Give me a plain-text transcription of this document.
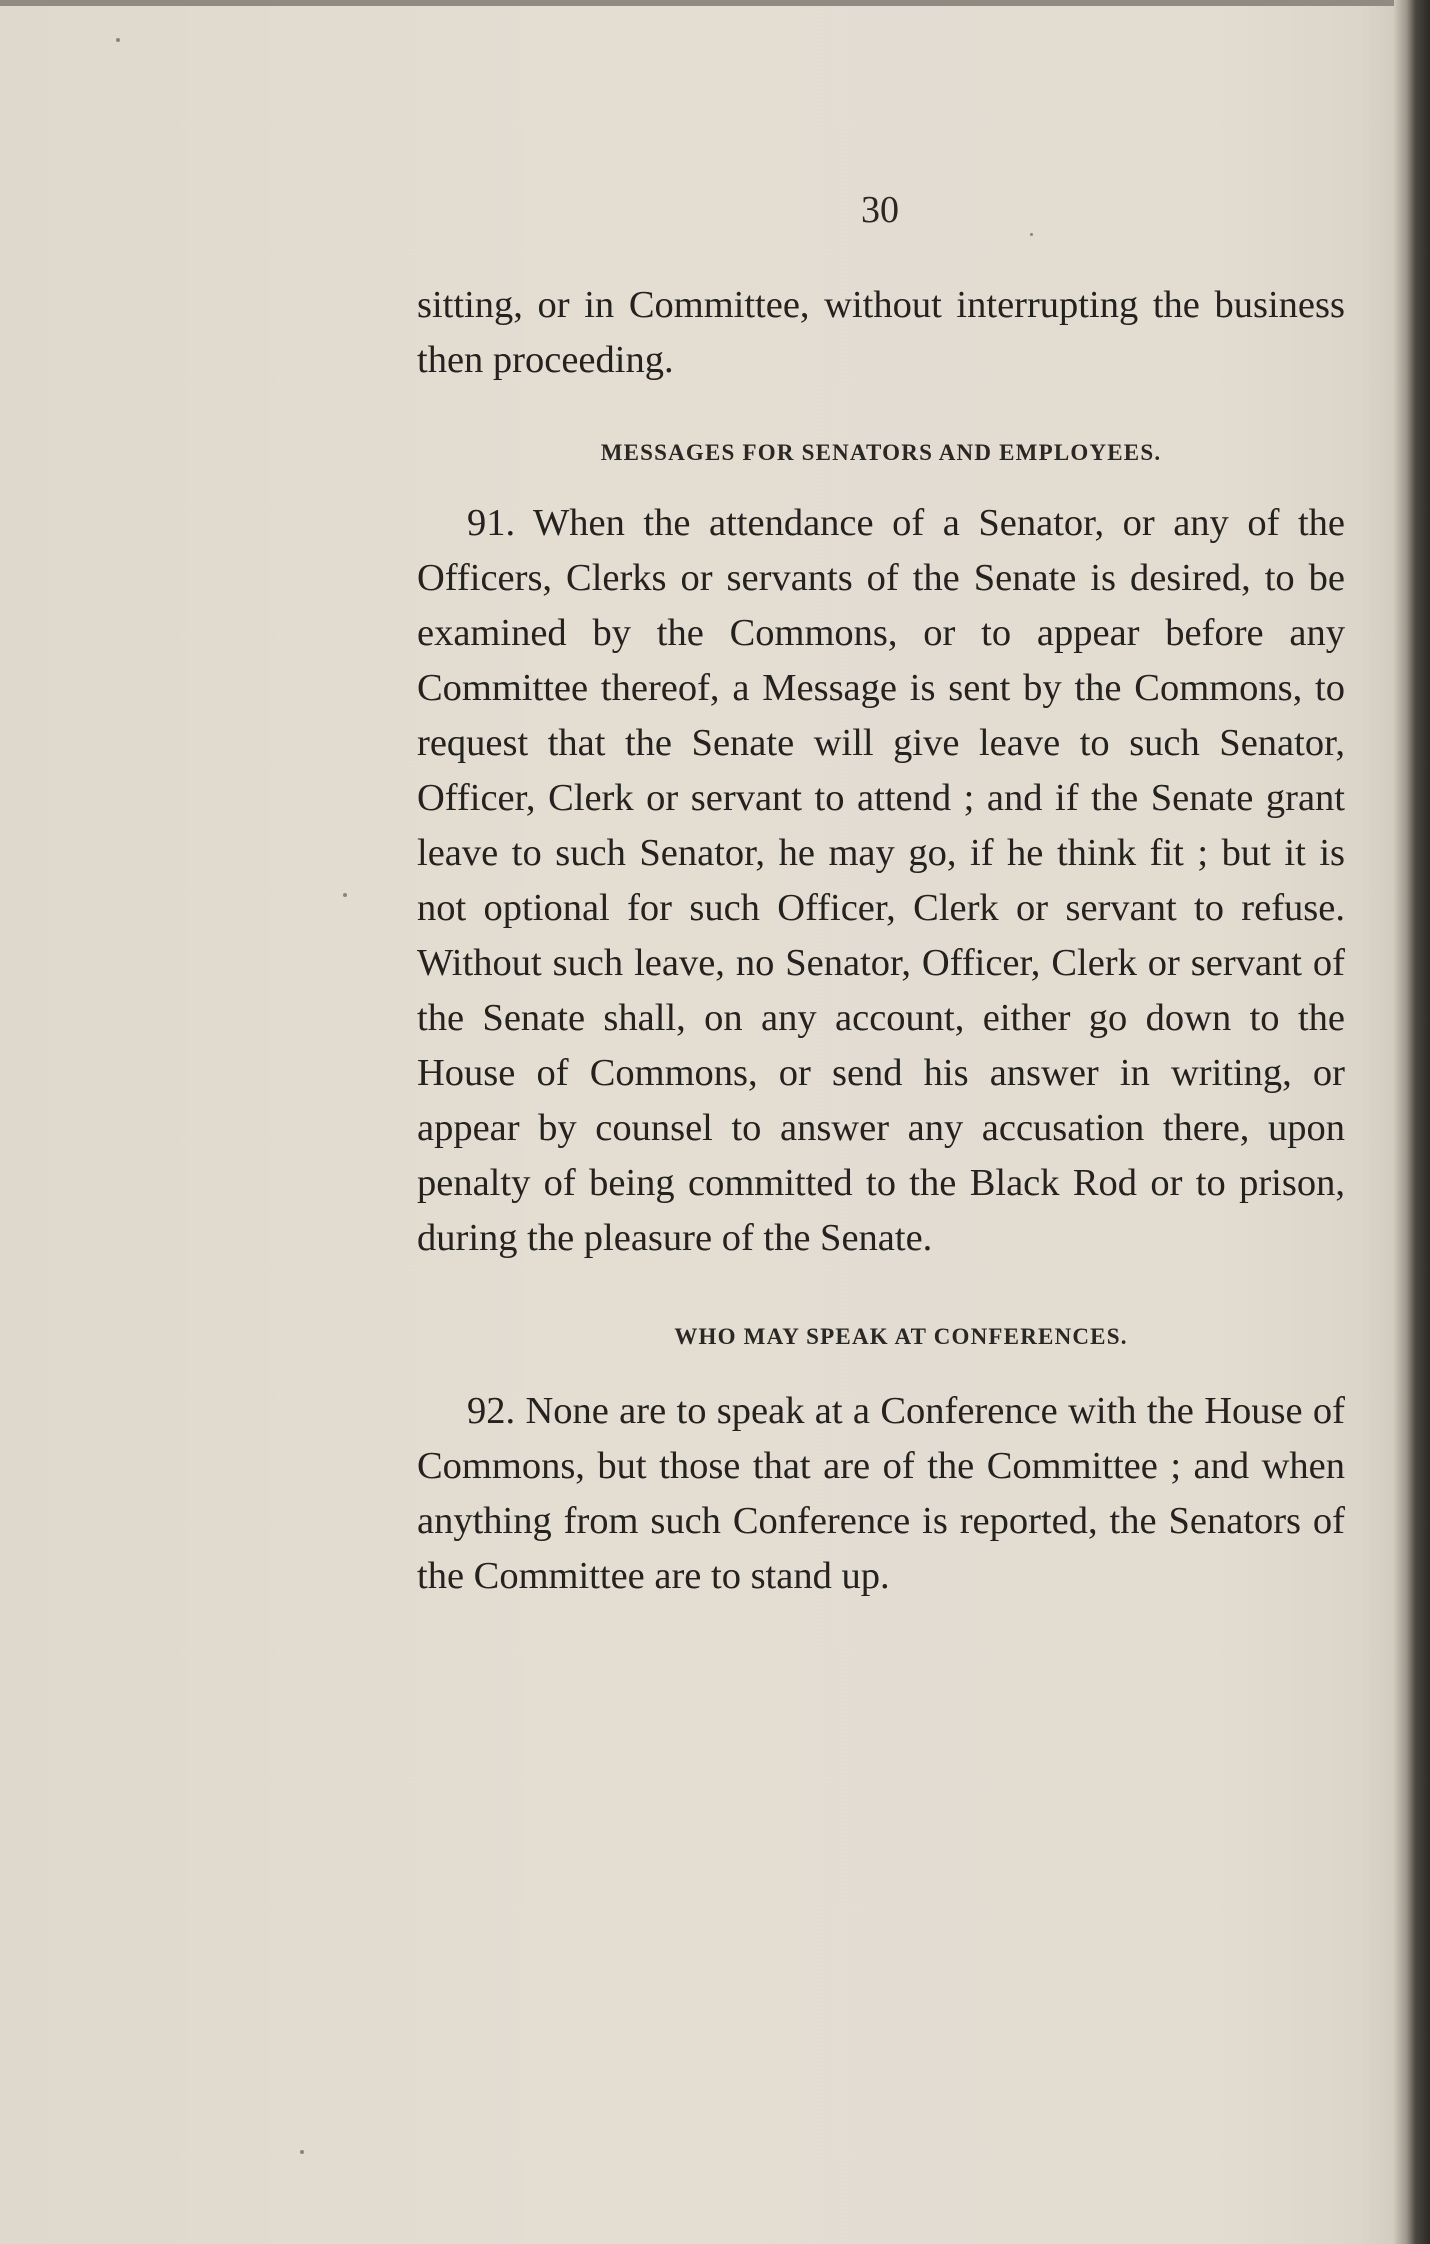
30

sitting, or in Committee, without interrupting the business then proceeding.

MESSAGES FOR SENATORS AND EMPLOYEES.

91. When the attendance of a Senator, or any of the Officers, Clerks or servants of the Senate is desired, to be examined by the Commons, or to appear before any Committee thereof, a Message is sent by the Commons, to request that the Senate will give leave to such Senator, Officer, Clerk or servant to attend ; and if the Senate grant leave to such Senator, he may go, if he think fit ; but it is not optional for such Officer, Clerk or servant to refuse. Without such leave, no Senator, Officer, Clerk or servant of the Senate shall, on any account, either go down to the House of Commons, or send his answer in writing, or appear by counsel to answer any accusation there, upon penalty of being committed to the Black Rod or to prison, during the pleasure of the Senate.

WHO MAY SPEAK AT CONFERENCES.

92. None are to speak at a Conference with the House of Commons, but those that are of the Committee ; and when anything from such Conference is reported, the Senators of the Committee are to stand up.
